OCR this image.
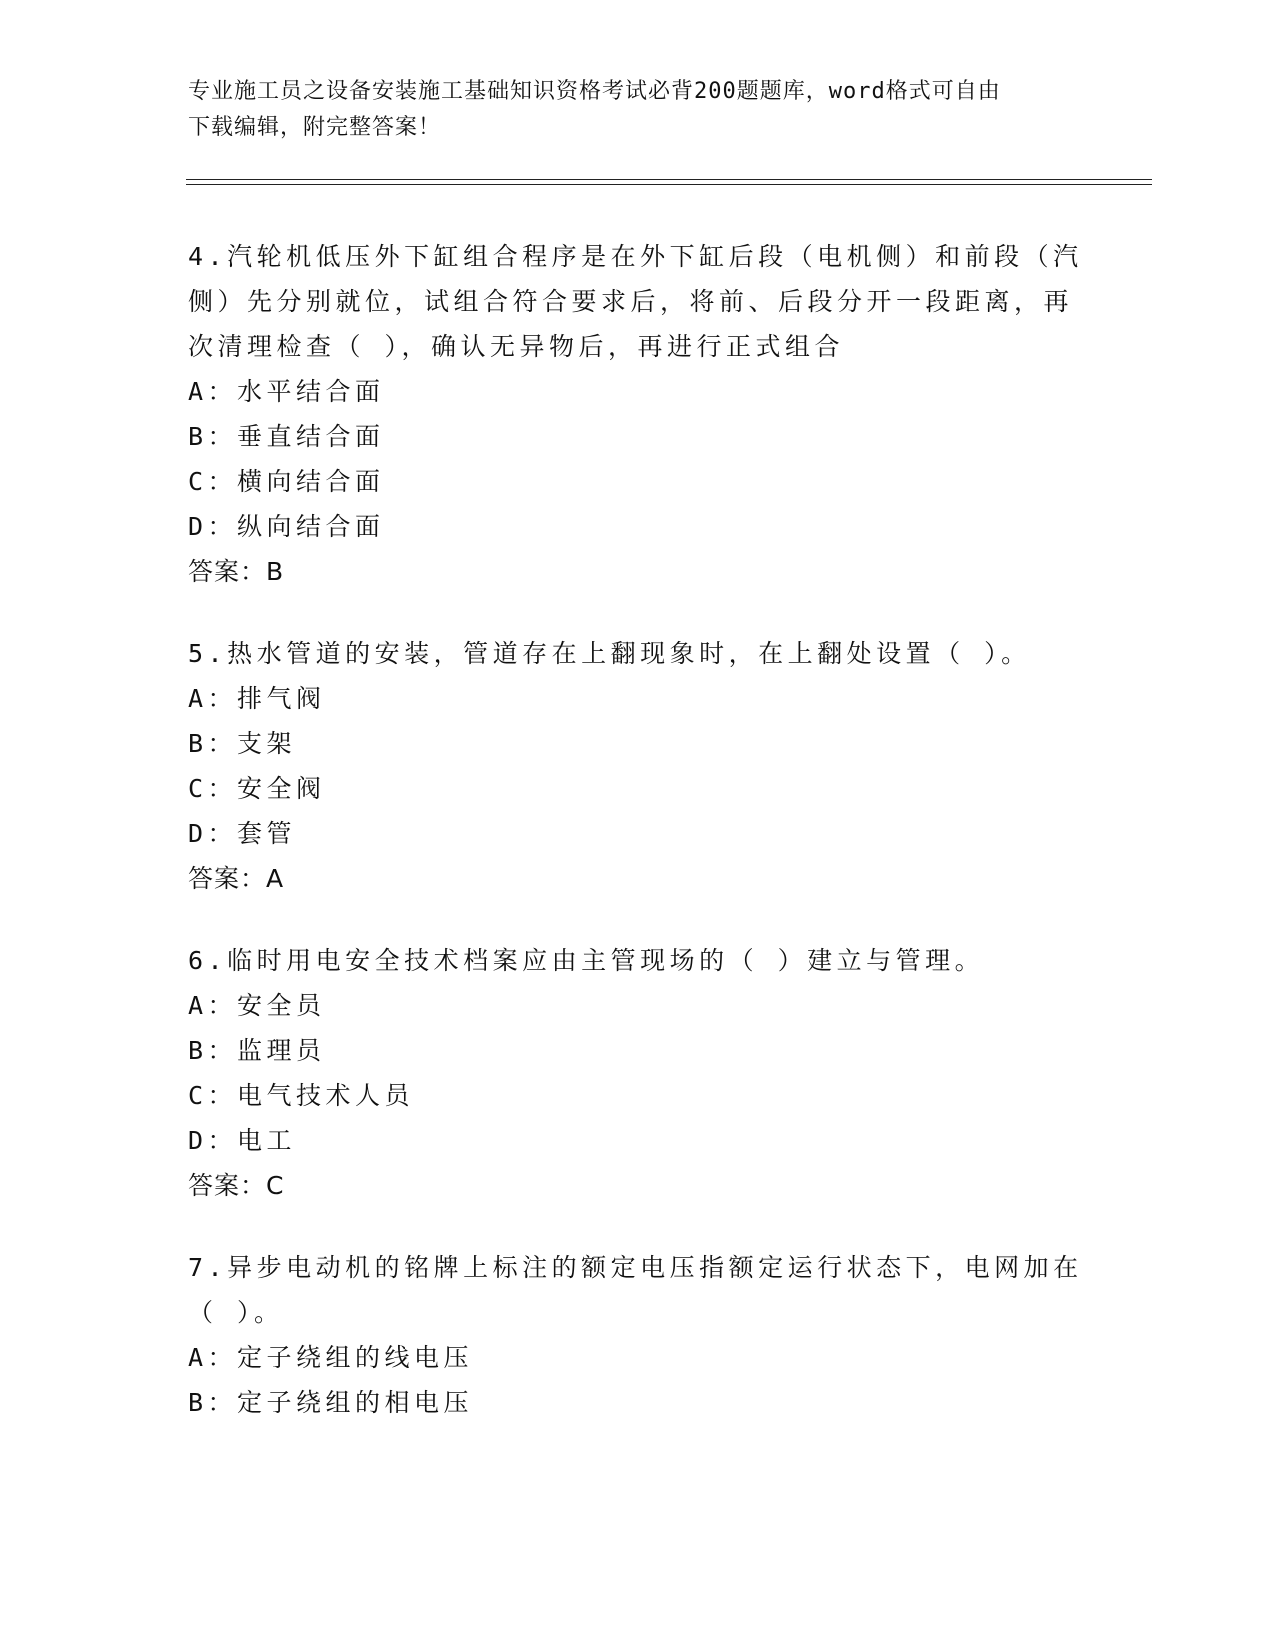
专业施工员之设备安装施工基础知识资格考试必背200题题库，word格式可自由
下载编辑，附完整答案！

4.汽轮机低压外下缸组合程序是在外下缸后段（电机侧）和前段（汽

侧）先分别就位，试组合符合要求后，将前、后段分开一段距离，再

次清理检查（ ），确认无异物后，再进行正式组合

A：水平结合面

B：垂直结合面

C：横向结合面

D：纵向结合面

答案：B

5.热水管道的安装，管道存在上翻现象时，在上翻处设置（ ）。

A：排气阀

B：支架

C：安全阀

D：套管

答案：A

6.临时用电安全技术档案应由主管现场的（ ）建立与管理。

A：安全员

B：监理员

C：电气技术人员

D：电工

答案：C

7.异步电动机的铭牌上标注的额定电压指额定运行状态下，电网加在

（ ）。

A：定子绕组的线电压

B：定子绕组的相电压
